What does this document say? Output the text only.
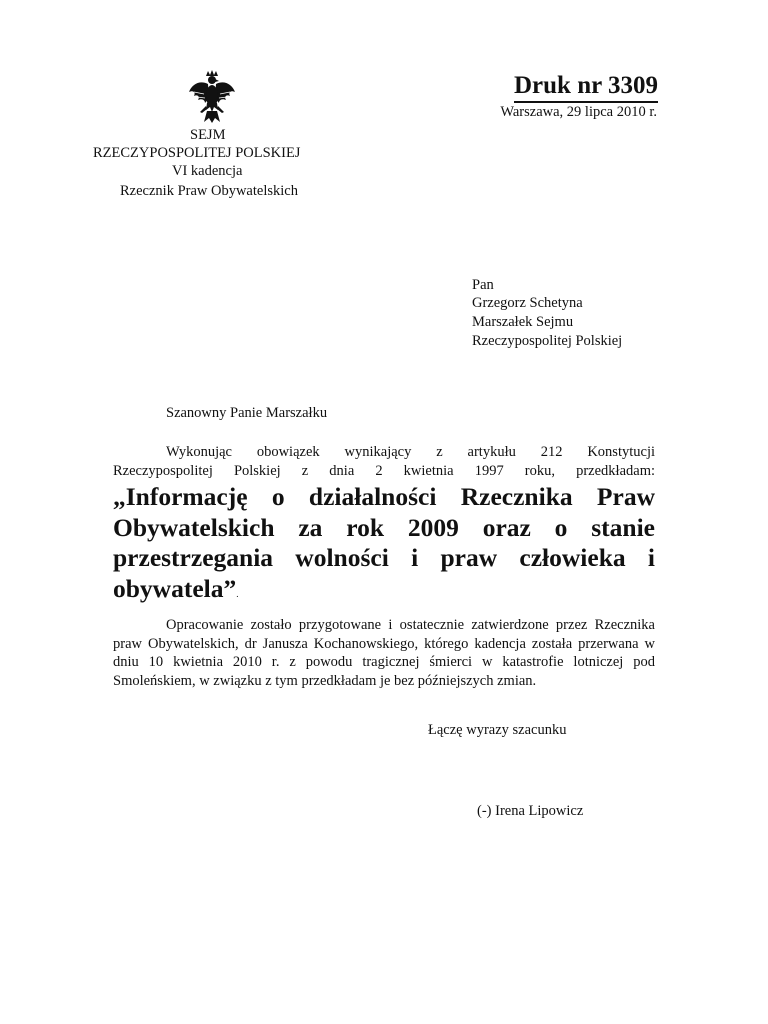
SEJM
RZECZYPOSPOLITEJ POLSKIEJ
VI kadencja
Rzecznik Praw Obywatelskich
Druk nr 3309
Warszawa, 29 lipca 2010 r.
Pan
Grzegorz Schetyna
Marszałek Sejmu
Rzeczypospolitej Polskiej
Szanowny Panie Marszałku
Wykonując obowiązek wynikający z artykułu 212 Konstytucji
Rzeczypospolitej Polskiej z dnia 2 kwietnia 1997 roku, przedkładam:
„Informację o działalności Rzecznika Praw Obywatelskich za rok 2009 oraz o stanie przestrzegania wolności i praw człowieka i obywatela”.
Opracowanie zostało przygotowane i ostatecznie zatwierdzone przez Rzecznika praw Obywatelskich, dr Janusza Kochanowskiego, którego kadencja została przerwana w dniu 10 kwietnia 2010 r. z powodu tragicznej śmierci w katastrofie lotniczej pod Smoleńskiem, w związku z tym przedkładam je bez późniejszych zmian.
Łączę wyrazy szacunku
(-) Irena Lipowicz
